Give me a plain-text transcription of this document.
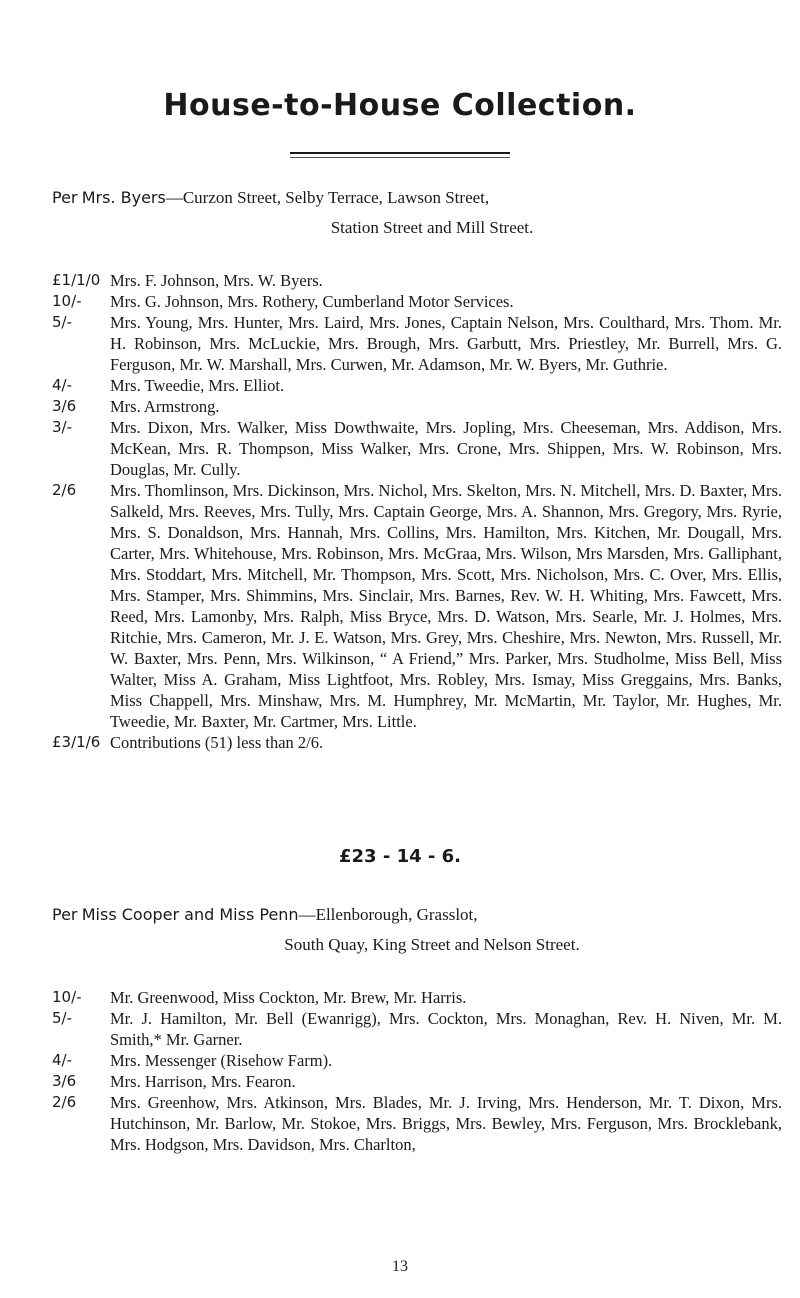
House-to-House Collection.
Per Mrs. Byers—Curzon Street, Selby Terrace, Lawson Street,
Station Street and Mill Street.
£1/1/0 Mrs. F. Johnson, Mrs. W. Byers.
10/-	Mrs. G. Johnson, Mrs. Rothery, Cumberland Motor Services.
5/-	Mrs. Young, Mrs. Hunter, Mrs. Laird, Mrs. Jones, Captain Nelson, Mrs. Coulthard, Mrs. Thom. Mr. H. Robinson, Mrs. McLuckie, Mrs. Brough, Mrs. Garbutt, Mrs. Priestley, Mr. Burrell, Mrs. G. Ferguson, Mr. W. Marshall, Mrs. Curwen, Mr. Adamson, Mr. W. Byers, Mr. Guthrie.
4/-	Mrs. Tweedie, Mrs. Elliot.
3/6	Mrs. Armstrong.
3/-	Mrs. Dixon, Mrs. Walker, Miss Dowthwaite, Mrs. Jopling, Mrs. Cheeseman, Mrs. Addison, Mrs. McKean, Mrs. R. Thompson, Miss Walker, Mrs. Crone, Mrs. Shippen, Mrs. W. Robinson, Mrs. Douglas, Mr. Cully.
2/6	Mrs. Thomlinson, Mrs. Dickinson, Mrs. Nichol, Mrs. Skelton, Mrs. N. Mitchell, Mrs. D. Baxter, Mrs. Salkeld, Mrs. Reeves, Mrs. Tully, Mrs. Captain George, Mrs. A. Shannon, Mrs. Gregory, Mrs. Ryrie, Mrs. S. Donaldson, Mrs. Hannah, Mrs. Collins, Mrs. Hamilton, Mrs. Kitchen, Mr. Dougall, Mrs. Carter, Mrs. Whitehouse, Mrs. Robinson, Mrs. McGraa, Mrs. Wilson, Mrs Marsden, Mrs. Galliphant, Mrs. Stoddart, Mrs. Mitchell, Mr. Thompson, Mrs. Scott, Mrs. Nicholson, Mrs. C. Over, Mrs. Ellis, Mrs. Stamper, Mrs. Shimmins, Mrs. Sinclair, Mrs. Barnes, Rev. W. H. Whiting, Mrs. Fawcett, Mrs. Reed, Mrs. Lamonby, Mrs. Ralph, Miss Bryce, Mrs. D. Watson, Mrs. Searle, Mr. J. Holmes, Mrs. Ritchie, Mrs. Cameron, Mr. J. E. Watson, Mrs. Grey, Mrs. Cheshire, Mrs. Newton, Mrs. Russell, Mr. W. Baxter, Mrs. Penn, Mrs. Wilkinson, “ A Friend,” Mrs. Parker, Mrs. Studholme, Miss Bell, Miss Walter, Miss A. Graham, Miss Lightfoot, Mrs. Robley, Mrs. Ismay, Miss Greggains, Mrs. Banks, Miss Chappell, Mrs. Minshaw, Mrs. M. Humphrey, Mr. McMartin, Mr. Taylor, Mr. Hughes, Mr. Tweedie, Mr. Baxter, Mr. Cartmer, Mrs. Little.
£3/1/6 Contributions (51) less than 2/6.
£23 - 14 - 6.
Per Miss Cooper and Miss Penn—Ellenborough, Grasslot,
South Quay, King Street and Nelson Street.
10/-	Mr. Greenwood, Miss Cockton, Mr. Brew, Mr. Harris.
5/-	Mr. J. Hamilton, Mr. Bell (Ewanrigg), Mrs. Cockton, Mrs. Monaghan, Rev. H. Niven, Mr. M. Smith,* Mr. Garner.
4/-	Mrs. Messenger (Risehow Farm).
3/6	Mrs. Harrison, Mrs. Fearon.
2/6	Mrs. Greenhow, Mrs. Atkinson, Mrs. Blades, Mr. J. Irving, Mrs. Henderson, Mr. T. Dixon, Mrs. Hutchinson, Mr. Barlow, Mr. Stokoe, Mrs. Briggs, Mrs. Bewley, Mrs. Ferguson, Mrs. Brocklebank, Mrs. Hodgson, Mrs. Davidson, Mrs. Charlton,
13
